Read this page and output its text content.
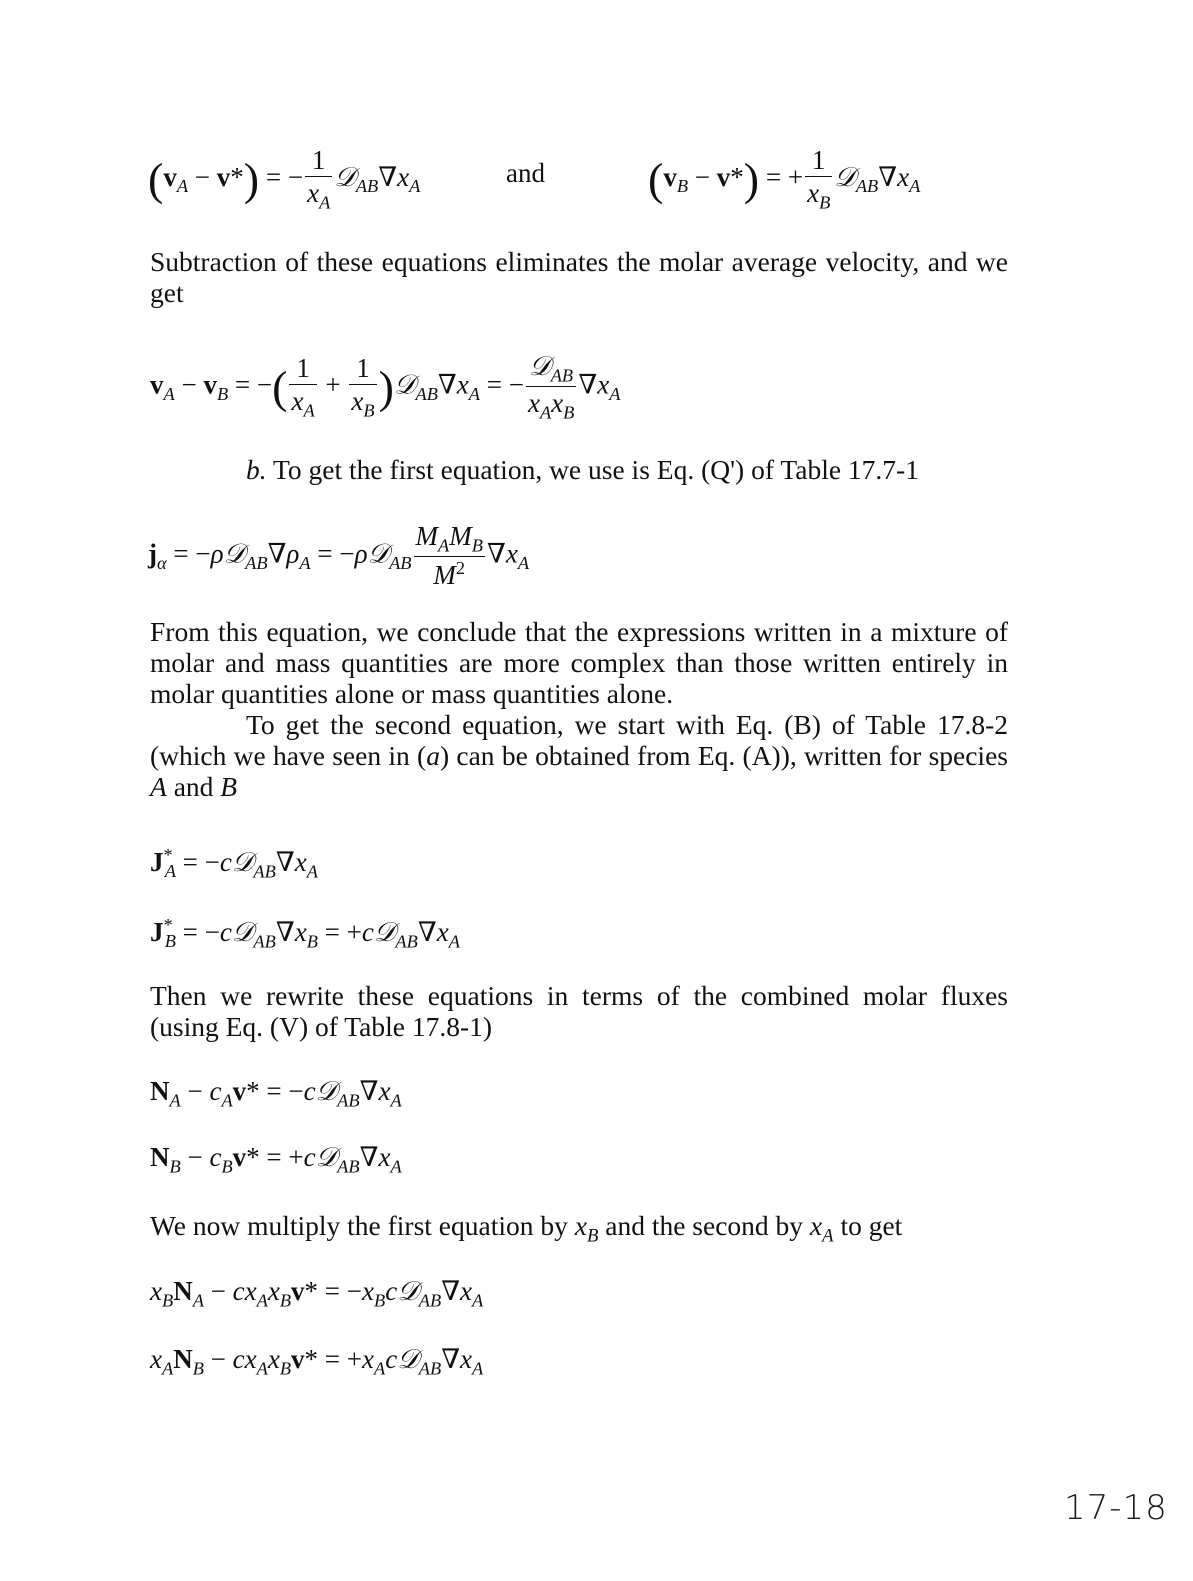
$(v_A - v*)$ = − $\frac{1}{x_A}$ $𝒟_{AB}\nabla x_A$	and $(v_B - v*)$ = + $\frac{1}{x_B}$ $𝒟_{AB}\nabla x_A$

Subtraction of these equations eliminates the molar average velocity, and we get

$v_A - v_B$ = −( $\frac{1}{x_A} + \frac{1}{x_B}$ )$𝒟_{AB}\nabla x_A$ = − $\frac{𝒟_{AB}}{x_Ax_B} \nabla x_A$
b. To get the first equation, we use is Eq. (Q') of Table 17.7-1
$j_\alpha$ = $-\rho 𝒟_{AB}\nabla\rho_A$ = −ρ𝒟$_{AB}$ $\frac{M_AM_B}{M^2} \nabla x_A$

From this equation, we conclude that the expressions written in a mixture of molar and mass quantities are more complex than those written entirely in molar quantities alone or mass quantities alone.

To get the second equation, we start with Eq. (B) of Table 17.8-2 (which we have seen in (a) can be obtained from Eq. (A)), written for species A and B

$J^*_A$ = $-c𝒟_{AB}\nabla x_A$
$J^*_B$ = $-c𝒟_{AB}\nabla x_B$ = $+c𝒟_{AB}\nabla x_A$

Then we rewrite these equations in terms of the combined molar fluxes (using Eq. (V) of Table 17.8-1)

$N_A - c_Av*$ = $-c𝒟_{AB}\nabla x_A$
$N_B - c_Bv*$ = $+c𝒟_{AB}\nabla x_A$
We now multiply the first equation by $x_B$ and the second by $x_A$ to get
$x_BN_A - cx_Ax_Bv*$ = $-x_Bc𝒟_{AB}\nabla x_A$
$x_AN_B - cx_Ax_Bv*$ = $+x_Ac𝒟_{AB}\nabla x_A$
17-18
